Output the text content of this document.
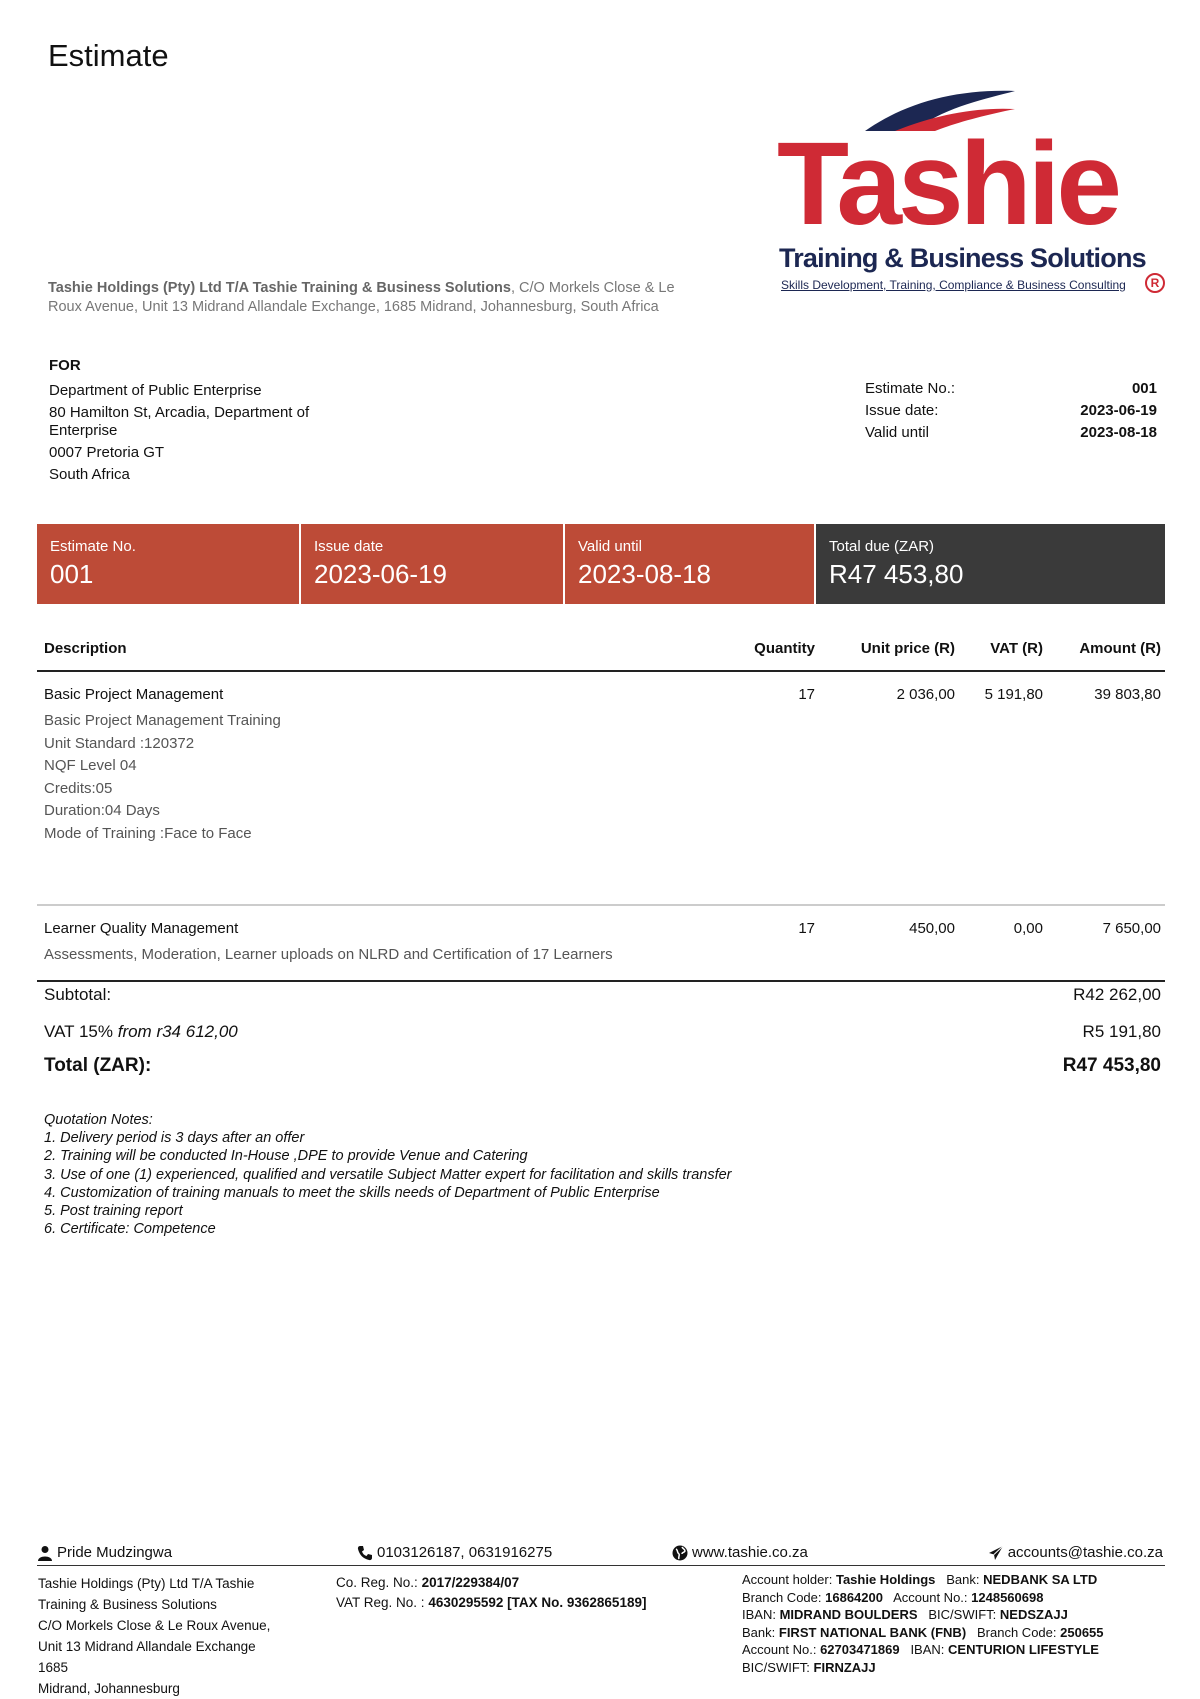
Estimate
Tashie
Training & Business Solutions
Skills Development, Training, Compliance & Business Consulting	R
Tashie Holdings (Pty) Ltd T/A Tashie Training & Business Solutions, C/O Morkels Close & Le Roux Avenue, Unit 13 Midrand Allandale Exchange, 1685 Midrand, Johannesburg, South Africa
FOR
Department of Public Enterprise
80 Hamilton St, Arcadia, Department of Enterprise
0007 Pretoria GT
South Africa
Estimate No.:	001
Issue date:	2023-06-19
Valid until	2023-08-18
Estimate No.
001
Issue date
2023-06-19
Valid until
2023-08-18
Total due (ZAR)
R47 453,80
Description	Quantity	Unit price (R)	VAT (R)	Amount (R)
Basic Project Management	17	2 036,00	5 191,80	39 803,80
Basic Project Management Training
Unit Standard :120372
NQF Level 04
Credits:05
Duration:04 Days
Mode of Training :Face to Face
Learner Quality Management	17	450,00	0,00	7 650,00
Assessments, Moderation, Learner uploads on NLRD and Certification of 17 Learners
Subtotal:	R42 262,00
VAT 15% from r34 612,00	R5 191,80
Total (ZAR):	R47 453,80
Quotation Notes:
1. Delivery period is 3 days after an offer
2. Training will be conducted In-House ,DPE to provide Venue and Catering
3. Use of one (1) experienced, qualified and versatile Subject Matter expert for facilitation and skills transfer
4. Customization of training manuals to meet the skills needs of Department of Public Enterprise
5. Post training report
6. Certificate: Competence
Pride Mudzingwa	0103126187, 0631916275	www.tashie.co.za	accounts@tashie.co.za
Tashie Holdings (Pty) Ltd T/A Tashie
Training & Business Solutions
C/O Morkels Close & Le Roux Avenue,
Unit 13 Midrand Allandale Exchange
1685
Midrand, Johannesburg
Co. Reg. No.: 2017/229384/07
VAT Reg. No. : 4630295592 [TAX No. 9362865189]
Account holder: Tashie Holdings Bank: NEDBANK SA LTD
Branch Code: 16864200 Account No.: 1248560698
IBAN: MIDRAND BOULDERS BIC/SWIFT: NEDSZAJJ
Bank: FIRST NATIONAL BANK (FNB) Branch Code: 250655
Account No.: 62703471869 IBAN: CENTURION LIFESTYLE
BIC/SWIFT: FIRNZAJJ
